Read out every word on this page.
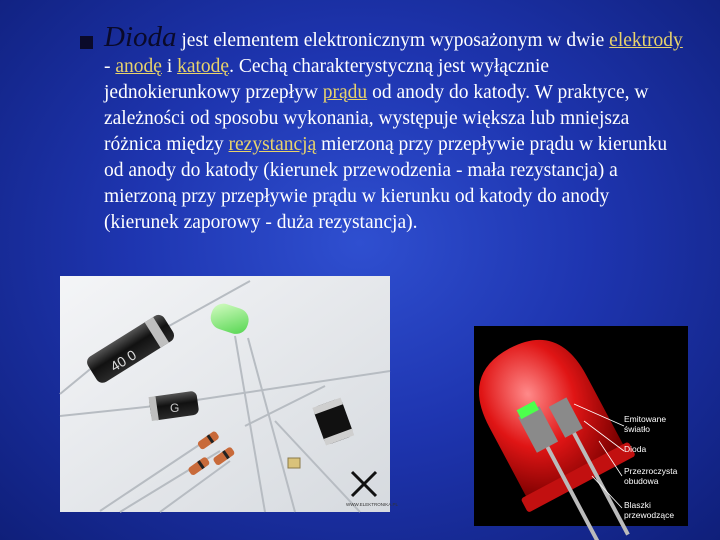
Dioda jest elementem elektronicznym wyposażonym w dwie elektrody - anodę i katodę. Cechą charakterystyczną jest wyłącznie jednokierunkowy przepływ prądu od anody do katody. W praktyce, w zależności od sposobu wykonania, występuje większa lub mniejsza różnica między rezystancją mierzoną przy przepływie prądu w kierunku od anody do katody (kierunek przewodzenia - mała rezystancja) a mierzoną przy przepływie prądu w kierunku od katody do anody (kierunek zaporowy - duża rezystancja).
40 0
G
WWW.ELEKTRONIKA.PL
Emitowane światło
Dioda
Przezroczysta obudowa
Blaszki przewodzące
